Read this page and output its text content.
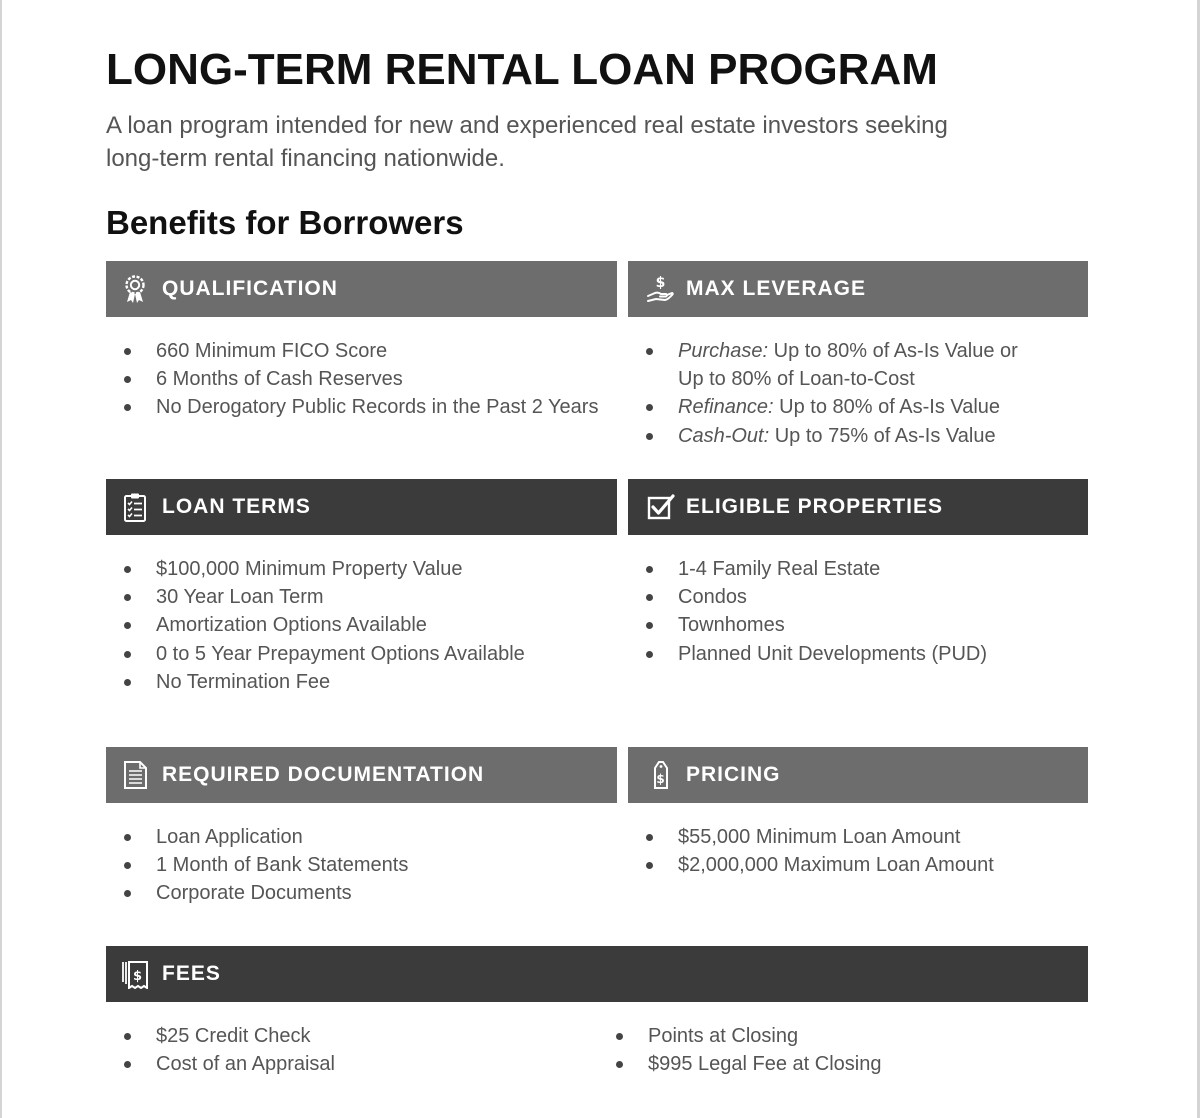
LONG-TERM RENTAL LOAN PROGRAM
A loan program intended for new and experienced real estate investors seeking long-term rental financing nationwide.
Benefits for Borrowers
QUALIFICATION
660 Minimum FICO Score
6 Months of Cash Reserves
No Derogatory Public Records in the Past 2 Years
$ MAX LEVERAGE
Purchase: Up to 80% of As-Is Value or
Up to 80% of Loan-to-Cost
Refinance: Up to 80% of As-Is Value
Cash-Out: Up to 75% of As-Is Value
LOAN TERMS
$100,000 Minimum Property Value
30 Year Loan Term
Amortization Options Available
0 to 5 Year Prepayment Options Available
No Termination Fee
ELIGIBLE PROPERTIES
1-4 Family Real Estate
Condos
Townhomes
Planned Unit Developments (PUD)
REQUIRED DOCUMENTATION
Loan Application
1 Month of Bank Statements
Corporate Documents
$ PRICING
$55,000 Minimum Loan Amount
$2,000,000 Maximum Loan Amount
$ FEES
$25 Credit Check
Cost of an Appraisal
Points at Closing
$995 Legal Fee at Closing
